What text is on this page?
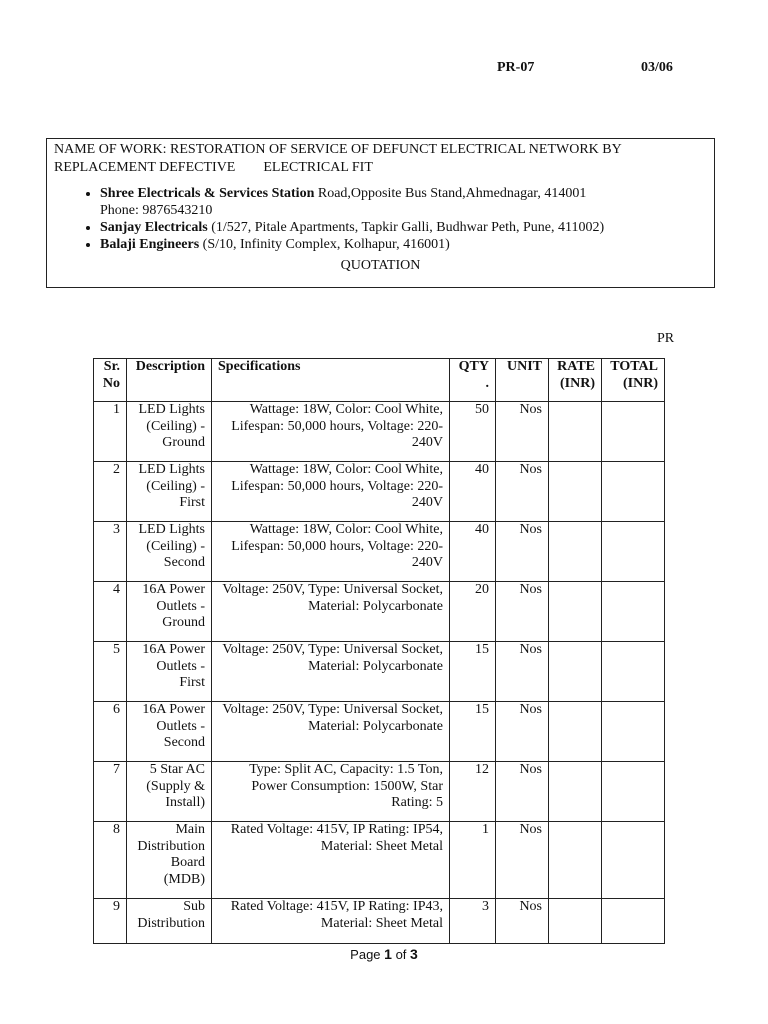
PR-07	03/06
NAME OF WORK: RESTORATION OF SERVICE OF DEFUNCT ELECTRICAL NETWORK BY
REPLACEMENT DEFECTIVE        ELECTRICAL FIT
• Shree Electricals & Services Station Road,Opposite Bus Stand,Ahmednagar, 414001
Phone: 9876543210
• Sanjay Electricals (1/527, Pitale Apartments, Tapkir Galli, Budhwar Peth, Pune, 411002)
• Balaji Engineers (S/10, Infinity Complex, Kolhapur, 416001)
QUOTATION
PR
Sr. No	Description	Specifications	QTY .	UNIT	RATE (INR)	TOTAL (INR)
1	LED Lights (Ceiling) - Ground	Wattage: 18W, Color: Cool White, Lifespan: 50,000 hours, Voltage: 220-240V	50	Nos		
2	LED Lights (Ceiling) - First	Wattage: 18W, Color: Cool White, Lifespan: 50,000 hours, Voltage: 220-240V	40	Nos		
3	LED Lights (Ceiling) - Second	Wattage: 18W, Color: Cool White, Lifespan: 50,000 hours, Voltage: 220-240V	40	Nos		
4	16A Power Outlets - Ground	Voltage: 250V, Type: Universal Socket, Material: Polycarbonate	20	Nos		
5	16A Power Outlets - First	Voltage: 250V, Type: Universal Socket, Material: Polycarbonate	15	Nos		
6	16A Power Outlets - Second	Voltage: 250V, Type: Universal Socket, Material: Polycarbonate	15	Nos		
7	5 Star AC (Supply & Install)	Type: Split AC, Capacity: 1.5 Ton, Power Consumption: 1500W, Star Rating: 5	12	Nos		
8	Main Distribution Board (MDB)	Rated Voltage: 415V, IP Rating: IP54, Material: Sheet Metal	1	Nos		
9	Sub Distribution	Rated Voltage: 415V, IP Rating: IP43, Material: Sheet Metal	3	Nos		
Page 1 of 3
